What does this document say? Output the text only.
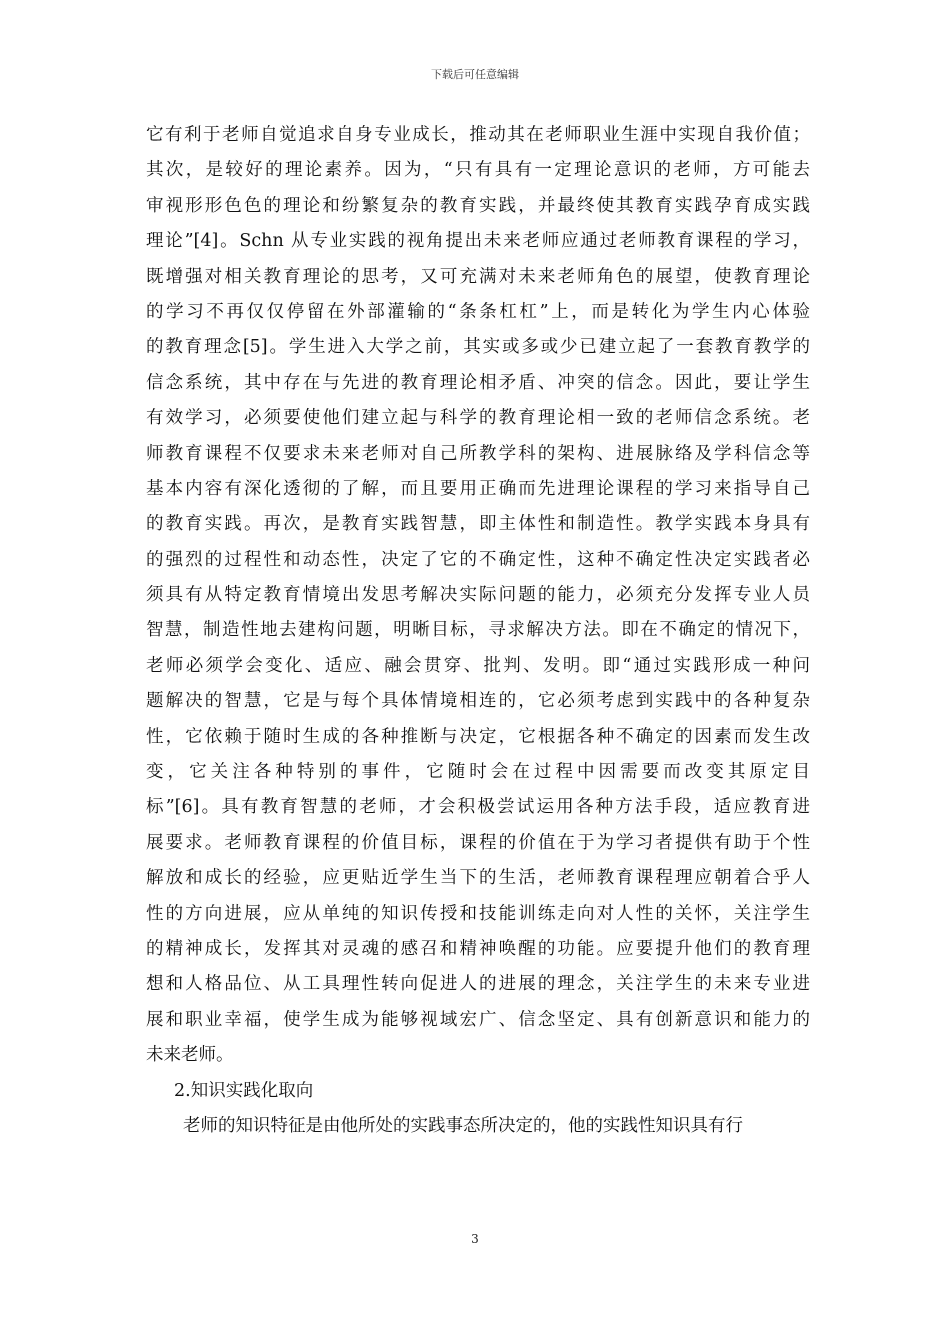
下载后可任意编辑
它有利于老师自觉追求自身专业成长，推动其在老师职业生涯中实现自我价值；
其次，是较好的理论素养。因为，“只有具有一定理论意识的老师，方可能去
审视形形色色的理论和纷繁复杂的教育实践，并最终使其教育实践孕育成实践
理论”[4]。Schn 从专业实践的视角提出未来老师应通过老师教育课程的学习，
既增强对相关教育理论的思考，又可充满对未来老师角色的展望，使教育理论
的学习不再仅仅停留在外部灌输的“条条杠杠”上，而是转化为学生内心体验
的教育理念[5]。学生进入大学之前，其实或多或少已建立起了一套教育教学的
信念系统，其中存在与先进的教育理论相矛盾、冲突的信念。因此，要让学生
有效学习，必须要使他们建立起与科学的教育理论相一致的老师信念系统。老
师教育课程不仅要求未来老师对自己所教学科的架构、进展脉络及学科信念等
基本内容有深化透彻的了解，而且要用正确而先进理论课程的学习来指导自己
的教育实践。再次，是教育实践智慧，即主体性和制造性。教学实践本身具有
的强烈的过程性和动态性，决定了它的不确定性，这种不确定性决定实践者必
须具有从特定教育情境出发思考解决实际问题的能力，必须充分发挥专业人员
智慧，制造性地去建构问题，明晰目标，寻求解决方法。即在不确定的情况下，
老师必须学会变化、适应、融会贯穿、批判、发明。即“通过实践形成一种问
题解决的智慧，它是与每个具体情境相连的，它必须考虑到实践中的各种复杂
性，它依赖于随时生成的各种推断与决定，它根据各种不确定的因素而发生改
变，它关注各种特别的事件，它随时会在过程中因需要而改变其原定目
标”[6]。具有教育智慧的老师，才会积极尝试运用各种方法手段，适应教育进
展要求。老师教育课程的价值目标，课程的价值在于为学习者提供有助于个性
解放和成长的经验，应更贴近学生当下的生活，老师教育课程理应朝着合乎人
性的方向进展，应从单纯的知识传授和技能训练走向对人性的关怀，关注学生
的精神成长，发挥其对灵魂的感召和精神唤醒的功能。应要提升他们的教育理
想和人格品位、从工具理性转向促进人的进展的理念，关注学生的未来专业进
展和职业幸福，使学生成为能够视域宏广、信念坚定、具有创新意识和能力的
未来老师。
2.知识实践化取向
老师的知识特征是由他所处的实践事态所决定的，他的实践性知识具有行
3
